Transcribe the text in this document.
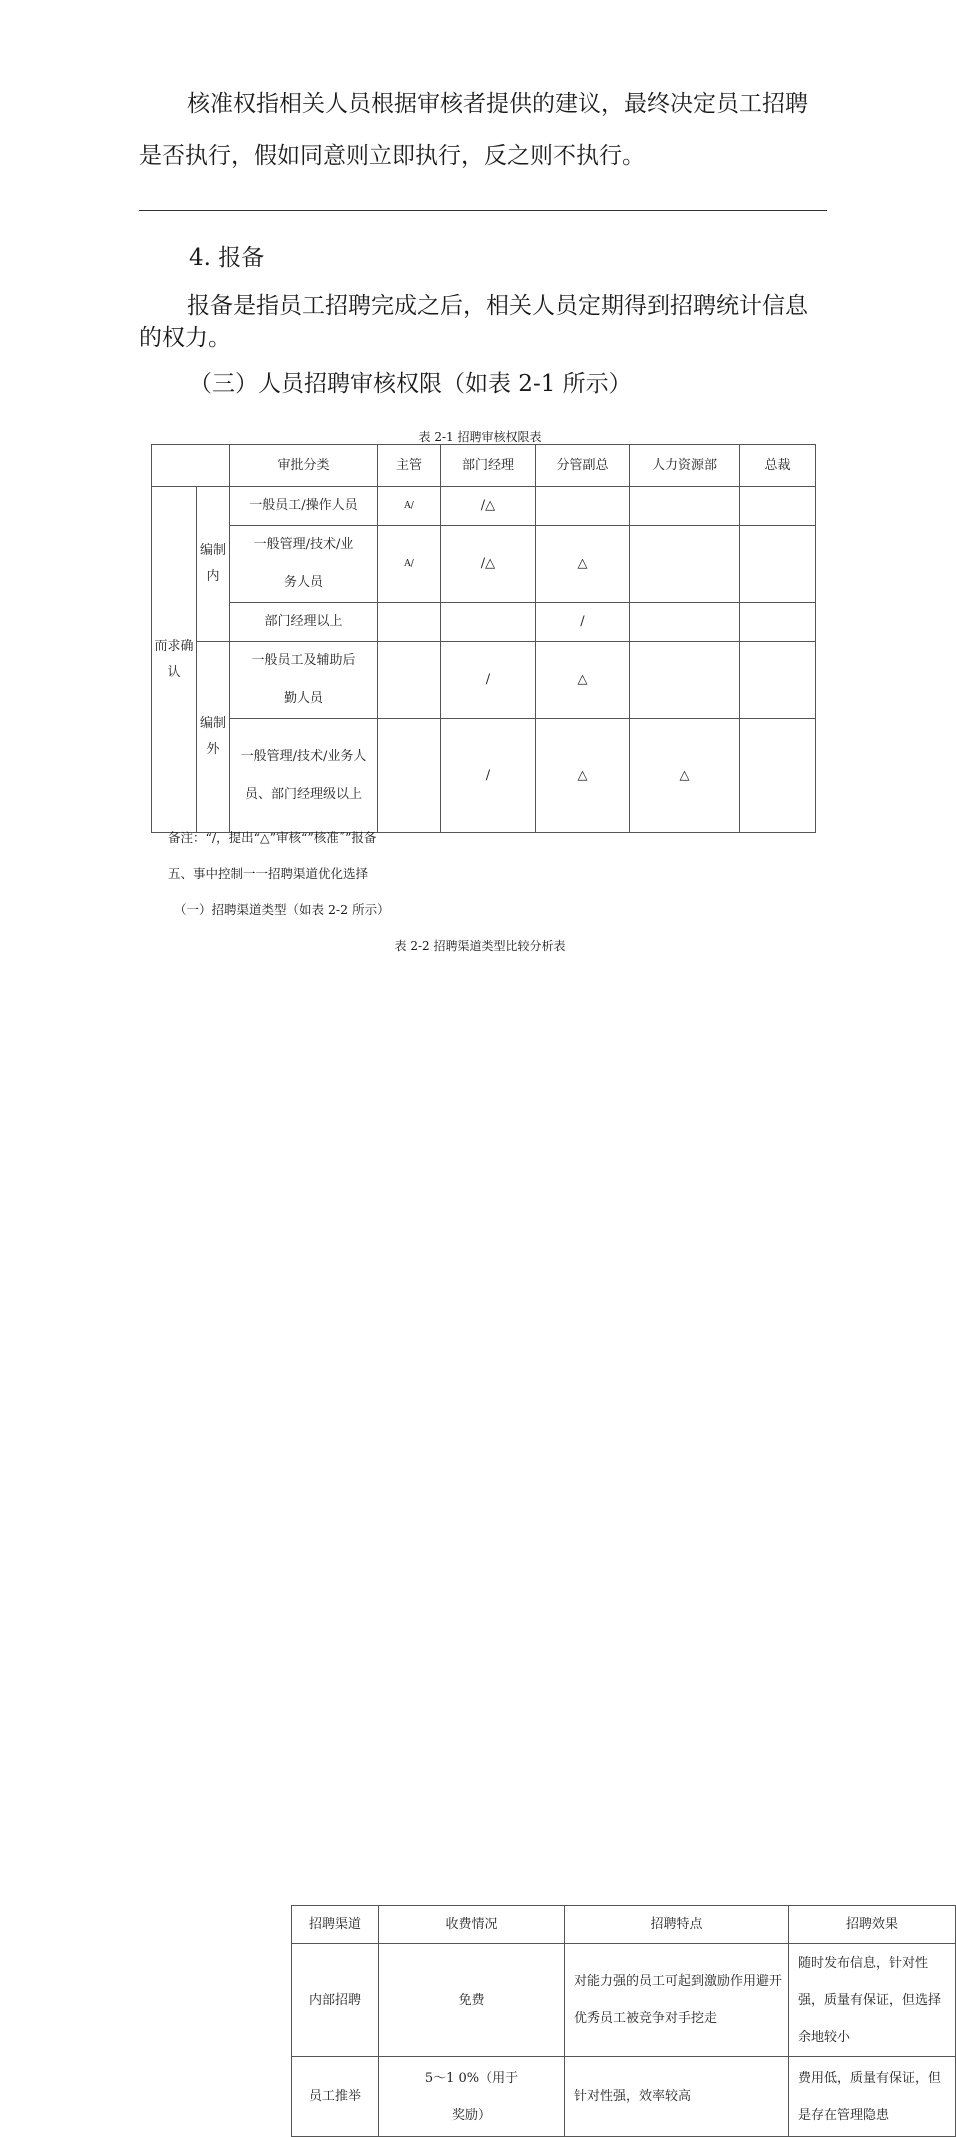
核准权指相关人员根据审核者提供的建议，最终决定员工招聘是否执行，假如同意则立即执行，反之则不执行。

4. 报备

报备是指员工招聘完成之后，相关人员定期得到招聘统计信息的权力。

（三）人员招聘审核权限（如表 2-1 所示）

表 2-1 招聘审核权限表

		审批分类	主管	部门经理	分管副总	人力资源部	总裁
而求确认	编制内	一般员工/操作人员	A/	/△			
		一般管理/技术/业务人员	A/	/△	△		
		部门经理以上			/		
	编制外	一般员工及辅助后勤人员		/	△		
		一般管理/技术/业务人员、部门经理级以上		/	△	△	

备注：“/，提出“△”审核“”核准˝”报备

五、事中控制一一招聘渠道优化选择

（一）招聘渠道类型（如表 2-2 所示）

表 2-2 招聘渠道类型比较分析表

招聘渠道	收费情况	招聘特点	招聘效果
内部招聘	免费	对能力强的员工可起到激励作用避开优秀员工被竞争对手挖走	随时发布信息，针对性强，质量有保证，但选择余地较小
员工推举	5～1 0%（用于奖励）	针对性强，效率较高	费用低，质量有保证，但是存在管理隐患
